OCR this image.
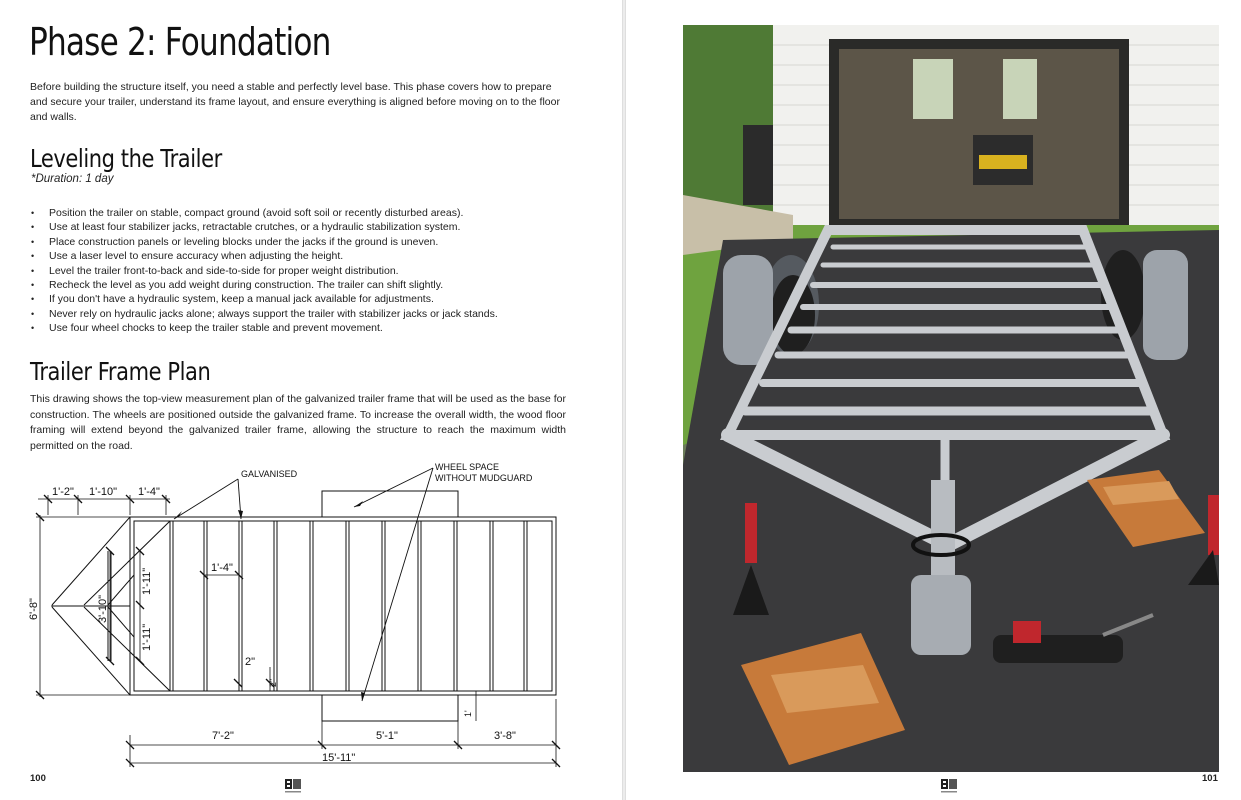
Phase 2: Foundation

Before building the structure itself, you need a stable and perfectly level base. This phase covers how to prepare and secure your trailer, understand its frame layout, and ensure everything is aligned before moving on to the floor and walls.

Leveling the Trailer

*Duration: 1 day

• Position the trailer on stable, compact ground (avoid soft soil or recently disturbed areas).
• Use at least four stabilizer jacks, retractable crutches, or a hydraulic stabilization system.
• Place construction panels or leveling blocks under the jacks if the ground is uneven.
• Use a laser level to ensure accuracy when adjusting the height.
• Level the trailer front-to-back and side-to-side for proper weight distribution.
• Recheck the level as you add weight during construction. The trailer can shift slightly.
• If you don't have a hydraulic system, keep a manual jack available for adjustments.
• Never rely on hydraulic jacks alone; always support the trailer with stabilizer jacks or jack stands.
• Use four wheel chocks to keep the trailer stable and prevent movement.
Trailer Frame Plan

This drawing shows the top-view measurement plan of the galvanized trailer frame that will be used as the base for construction. The wheels are positioned outside the galvanized frame. To increase the overall width, the wood floor framing will extend beyond the galvanized trailer frame, allowing the structure to reach the maximum width permitted on the road.

GALVANISED
WHEEL SPACE
WITHOUT MUDGUARD
1'-2" 1'-10" 1'-4"
6'-8"	3'-10"
1'-11"
1'-11"
1'-4"
2"
2"
1'
7'-2"	5'-1"	3'-8"
15'-11"
100	101
